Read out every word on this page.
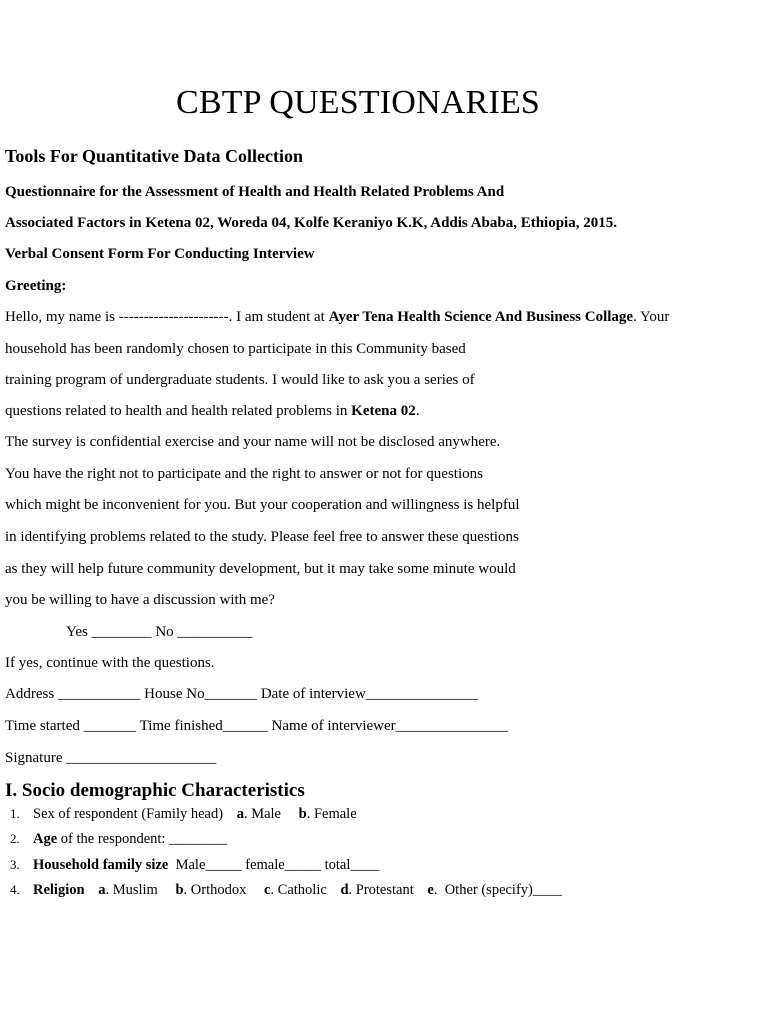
CBTP QUESTIONARIES
Tools For Quantitative Data Collection
Questionnaire for the Assessment of Health and Health Related Problems And
Associated Factors in Ketena 02, Woreda 04, Kolfe Keraniyo K.K, Addis Ababa, Ethiopia, 2015.
Verbal Consent Form For Conducting Interview
Greeting:
Hello, my name is ----------------------. I am student at Ayer Tena Health Science And Business Collage. Your
household has been randomly chosen to participate in this Community based
training program of undergraduate students. I would like to ask you a series of
questions related to health and health related problems in Ketena 02.
The survey is confidential exercise and your name will not be disclosed anywhere.
You have the right not to participate and the right to answer or not for questions
which might be inconvenient for you. But your cooperation and willingness is helpful
in identifying problems related to the study. Please feel free to answer these questions
as they will help future community development, but it may take some minute would
you be willing to have a discussion with me?
Yes ________ No __________
If yes, continue with the questions.
Address ___________ House No_______ Date of interview_______________
Time started _______ Time finished______ Name of interviewer_______________
Signature ____________________
I. Socio demographic Characteristics
1. Sex of respondent (Family head) a. Male b. Female
2. Age of the respondent: ________
3. Household family size  Male_____ female_____ total____
4. Religion a. Muslim b. Orthodox c. Catholic d. Protestant e.  Other (specify)____
